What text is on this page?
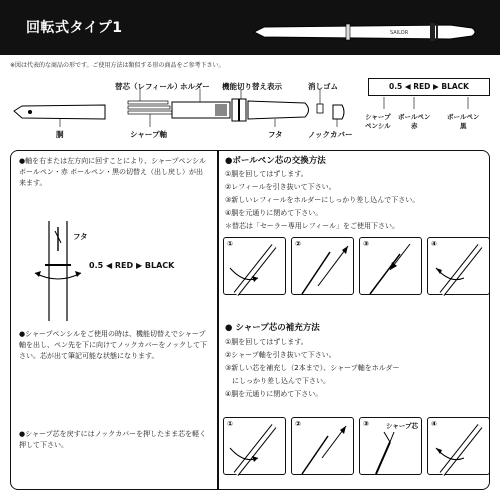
回転式タイプ1	SAILOR
※図は代表的な商品の形です。ご使用方法は類似する形の商品をご参考下さい。
替芯（レフィール）
ホルダー 機能切り替え表示	消しゴム
胴	シャープ軸	フタ	ノックカバー
0.5 ◀ RED ▶ BLACK
シャープ
ペンシル
ボールペン
赤
ボールペン
黒
●軸を右または左方向に回すことにより、シャープペンシル ボールペン・赤 ボールペン・黒の切替え（出し戻し）が出来ます。
フタ
0.5 ◀ RED ▶ BLACK
●シャープペンシルをご使用の時は、機能切替えでシャープ軸を出し、ペン先を下に向けてノックカバーをノックして下さい。芯が出て筆記可能な状態になります。
●シャープ芯を戻すにはノックカバーを押したまま芯を軽く押して下さい。
●ボールペン芯の交換方法
①胴を回してはずします。
②レフィールを引き抜いて下さい。
③新しいレフィールをホルダーにしっかり差し込んで下さい。
④胴を元通りに閉めて下さい。
＊替芯は「セーラー専用レフィール」をご使用下さい。
①	②	③	④
● シャープ芯の補充方法
①胴を回してはずします。
②シャープ軸を引き抜いて下さい。
③新しい芯を補充し（2本まで）、シャープ軸をホルダー
　にしっかり差し込んで下さい。
④胴を元通りに閉めて下さい。
①	②	③	シャープ芯 ④
